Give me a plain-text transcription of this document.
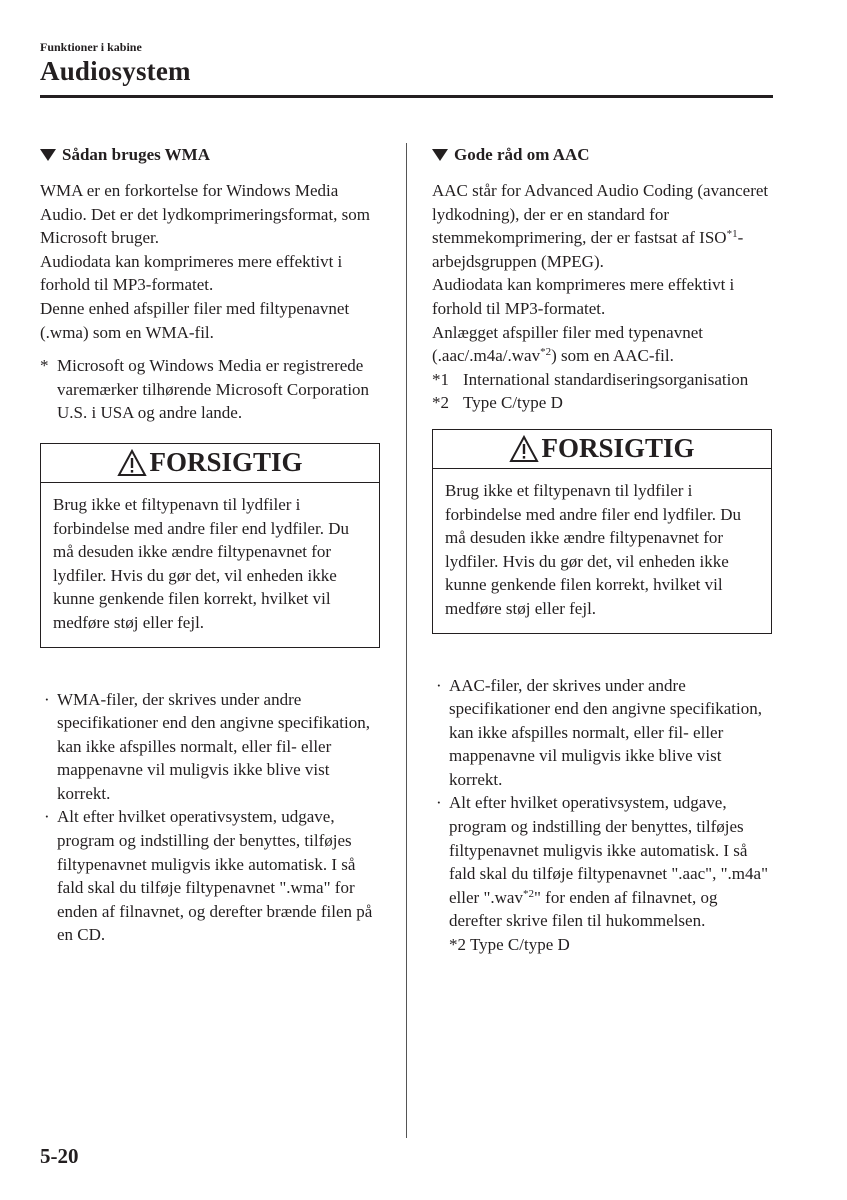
Funktioner i kabine
Audiosystem
Sådan bruges WMA

WMA er en forkortelse for Windows Media Audio. Det er det lydkomprimeringsformat, som Microsoft bruger.

Audiodata kan komprimeres mere effektivt i forhold til MP3-formatet.

Denne enhed afspiller filer med filtypenavnet (.wma) som en WMA-fil.

* Microsoft og Windows Media er registrerede varemærker tilhørende Microsoft Corporation U.S. i USA og andre lande.
FORSIGTIG
Brug ikke et filtypenavn til lydfiler i forbindelse med andre filer end lydfiler. Du må desuden ikke ændre filtypenavnet for lydfiler. Hvis du gør det, vil enheden ikke kunne genkende filen korrekt, hvilket vil medføre støj eller fejl.
· WMA-filer, der skrives under andre specifikationer end den angivne specifikation, kan ikke afspilles normalt, eller fil- eller mappenavne vil muligvis ikke blive vist korrekt.
· Alt efter hvilket operativsystem, udgave, program og indstilling der benyttes, tilføjes filtypenavnet muligvis ikke automatisk. I så fald skal du tilføje filtypenavnet ".wma" for enden af filnavnet, og derefter brænde filen på en CD.
Gode råd om AAC

AAC står for Advanced Audio Coding (avanceret lydkodning), der er en standard for stemmekomprimering, der er fastsat af ISO$^{*1}$-arbejdsgruppen (MPEG).

Audiodata kan komprimeres mere effektivt i forhold til MP3-formatet.

Anlægget afspiller filer med typenavnet (.aac/.m4a/.wav$^{*2}$) som en AAC-fil.

*1 International standardiseringsorganisation
*2 Type C/type D
FORSIGTIG
Brug ikke et filtypenavn til lydfiler i forbindelse med andre filer end lydfiler. Du må desuden ikke ændre filtypenavnet for lydfiler. Hvis du gør det, vil enheden ikke kunne genkende filen korrekt, hvilket vil medføre støj eller fejl.
· AAC-filer, der skrives under andre specifikationer end den angivne specifikation, kan ikke afspilles normalt, eller fil- eller mappenavne vil muligvis ikke blive vist korrekt.
· Alt efter hvilket operativsystem, udgave, program og indstilling der benyttes, tilføjes filtypenavnet muligvis ikke automatisk. I så fald skal du tilføje filtypenavnet ".aac", ".m4a" eller ".wav$^{*2}$" for enden af filnavnet, og derefter skrive filen til hukommelsen.
*2 Type C/type D
5-20
